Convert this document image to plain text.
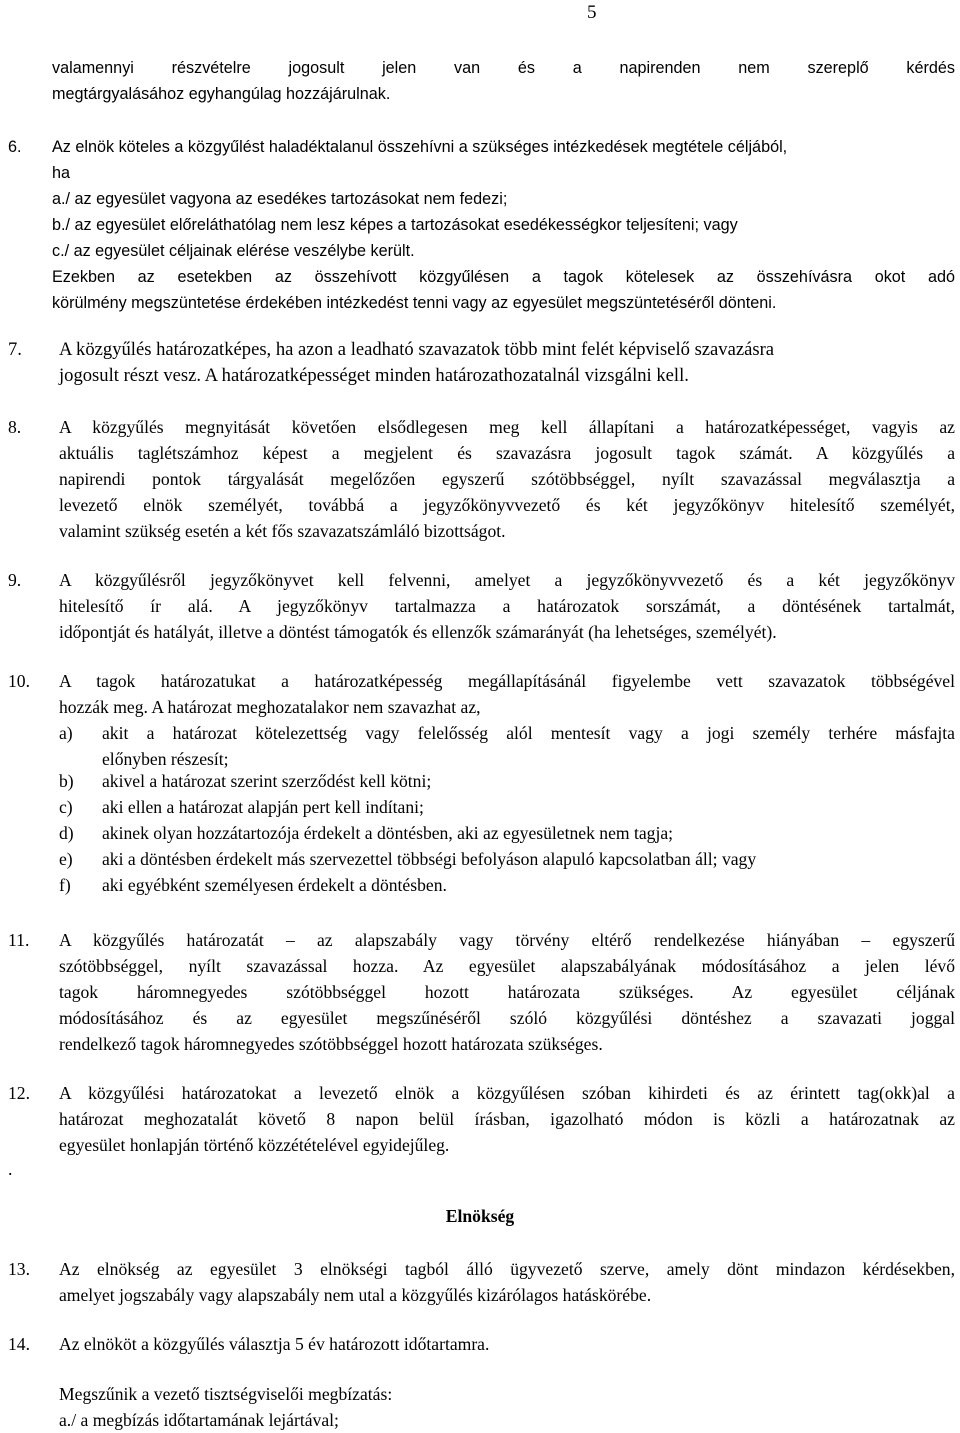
5
valamennyi részvételre jogosult jelen van és a napirenden nem szereplő kérdés
megtárgyalásához egyhangúlag hozzájárulnak.
6. Az elnök köteles a közgyűlést haladéktalanul összehívni a szükséges intézkedések megtétele céljából,
ha
a./ az egyesület vagyona az esedékes tartozásokat nem fedezi;
b./ az egyesület előreláthatólag nem lesz képes a tartozásokat esedékességkor teljesíteni; vagy
c./ az egyesület céljainak elérése veszélybe került.
Ezekben az esetekben az összehívott közgyűlésen a tagok kötelesek az összehívásra okot adó
körülmény megszüntetése érdekében intézkedést tenni vagy az egyesület megszüntetéséről dönteni.
7. A közgyűlés határozatképes, ha azon a leadható szavazatok több mint felét képviselő szavazásra
jogosult részt vesz. A határozatképességet minden határozathozatalnál vizsgálni kell.
8. A közgyűlés megnyitását követően elsődlegesen meg kell állapítani a határozatképességet, vagyis az
aktuális taglétszámhoz képest a megjelent és szavazásra jogosult tagok számát. A közgyűlés a
napirendi pontok tárgyalását megelőzően egyszerű szótöbbséggel, nyílt szavazással megválasztja a
levezető elnök személyét, továbbá a jegyzőkönyvvezető és két jegyzőkönyv hitelesítő személyét,
valamint szükség esetén a két fős szavazatszámláló bizottságot.
9. A közgyűlésről jegyzőkönyvet kell felvenni, amelyet a jegyzőkönyvvezető és a két jegyzőkönyv
hitelesítő ír alá. A jegyzőkönyv tartalmazza a határozatok sorszámát, a döntésének tartalmát,
időpontját és hatályát, illetve a döntést támogatók és ellenzők számarányát (ha lehetséges, személyét).
10. A tagok határozatukat a határozatképesség megállapításánál figyelembe vett szavazatok többségével
hozzák meg. A határozat meghozatalakor nem szavazhat az,
a) akit a határozat kötelezettség vagy felelősség alól mentesít vagy a jogi személy terhére másfajta
előnyben részesít;
b) akivel a határozat szerint szerződést kell kötni;
c) aki ellen a határozat alapján pert kell indítani;
d) akinek olyan hozzátartozója érdekelt a döntésben, aki az egyesületnek nem tagja;
e) aki a döntésben érdekelt más szervezettel többségi befolyáson alapuló kapcsolatban áll; vagy
f) aki egyébként személyesen érdekelt a döntésben.
11. A közgyűlés határozatát – az alapszabály vagy törvény eltérő rendelkezése hiányában – egyszerű
szótöbbséggel, nyílt szavazással hozza. Az egyesület alapszabályának módosításához a jelen lévő
tagok háromnegyedes szótöbbséggel hozott határozata szükséges. Az egyesület céljának
módosításához és az egyesület megszűnéséről szóló közgyűlési döntéshez a szavazati joggal
rendelkező tagok háromnegyedes szótöbbséggel hozott határozata szükséges.
12. A közgyűlési határozatokat a levezető elnök a közgyűlésen szóban kihirdeti és az érintett tag(okk)al a
határozat meghozatalát követő 8 napon belül írásban, igazolható módon is közli a határozatnak az
egyesület honlapján történő közzétételével egyidejűleg.
.
Elnökség
13. Az elnökség az egyesület 3 elnökségi tagból álló ügyvezető szerve, amely dönt mindazon kérdésekben,
amelyet jogszabály vagy alapszabály nem utal a közgyűlés kizárólagos hatáskörébe.
14. Az elnököt a közgyűlés választja 5 év határozott időtartamra.
Megszűnik a vezető tisztségviselői megbízatás:
a./ a megbízás időtartamának lejártával;
